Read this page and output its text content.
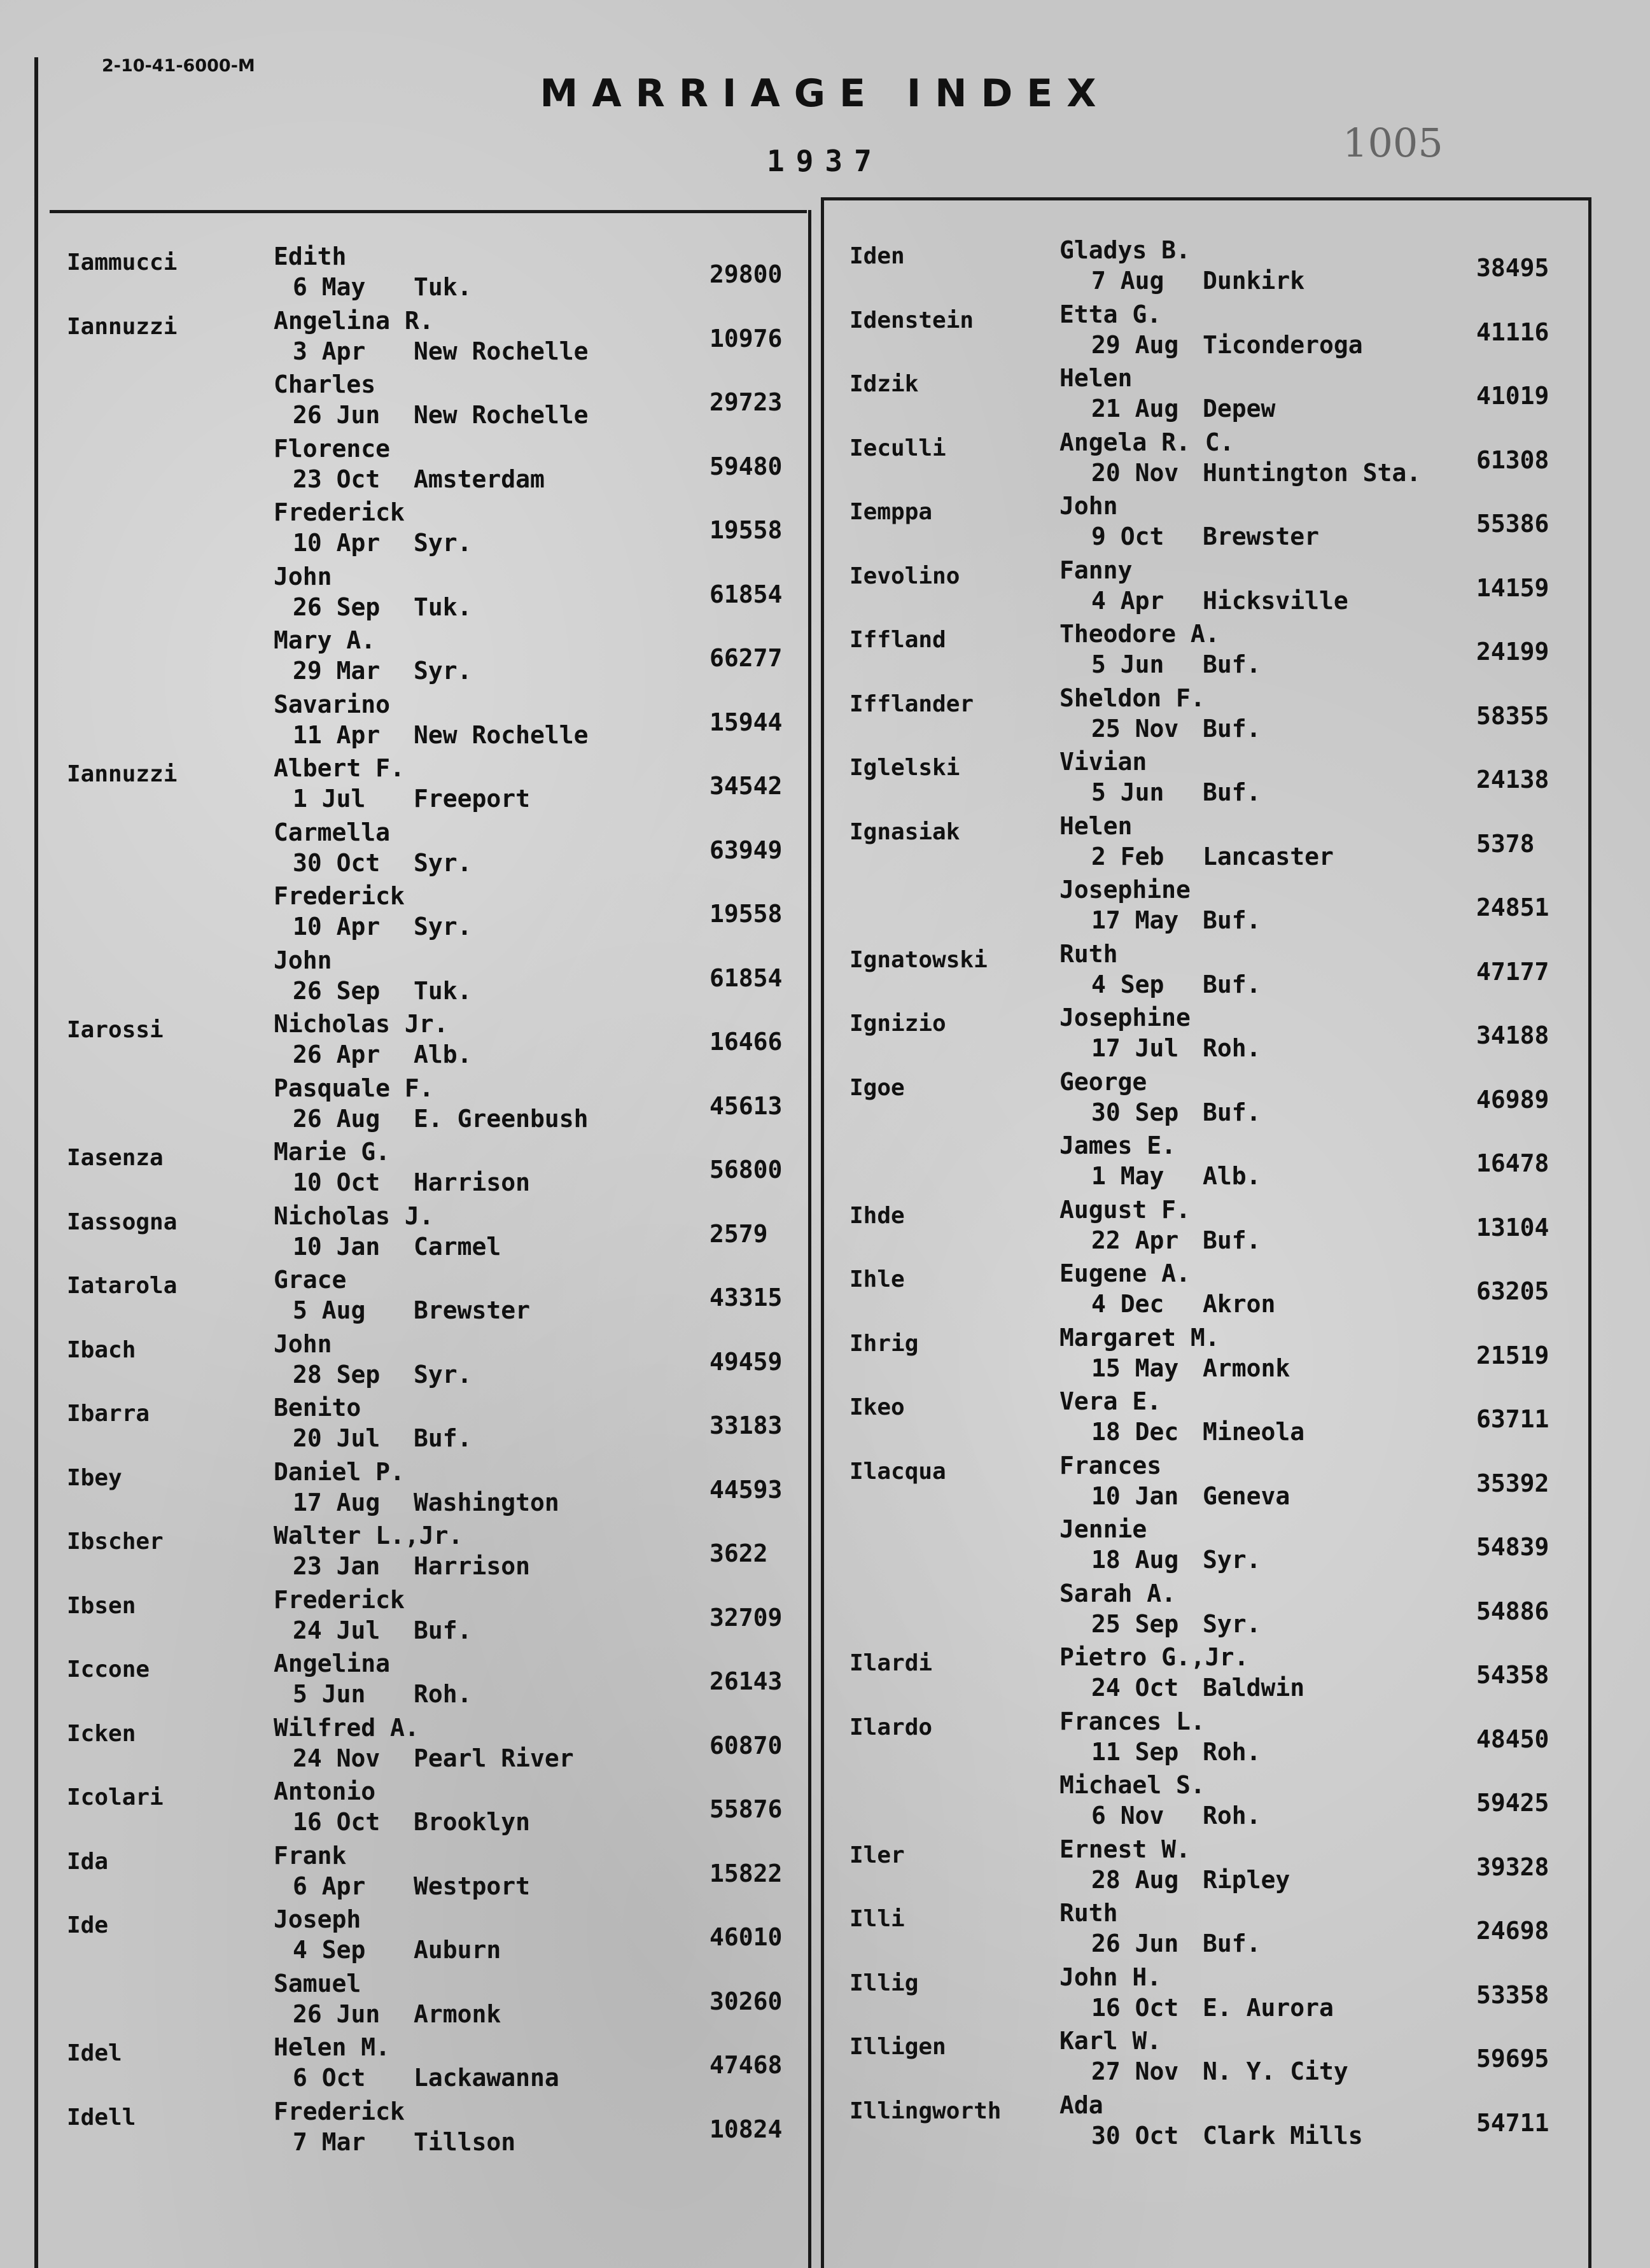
2-10-41-6000-M
MARRIAGE INDEX
1937	1005
Iammucci	Edith
6 May Tuk.	29800
Iannuzzi	Angelina R.
3 Apr New Rochelle	10976
Charles
26 Jun New Rochelle	29723
Florence
23 Oct Amsterdam	59480
Frederick
10 Apr Syr.	19558
John
26 Sep Tuk.	61854
Mary A.
29 Mar Syr.	66277
Savarino
11 Apr New Rochelle	15944
Iannuzzi	Albert F.
1 Jul Freeport	34542
Carmella
30 Oct Syr.	63949
Frederick
10 Apr Syr.	19558
John
26 Sep Tuk.	61854
Iarossi	Nicholas Jr.
26 Apr Alb.	16466
Pasquale F.
26 Aug E. Greenbush	45613
Iasenza	Marie G.
10 Oct Harrison	56800
Iassogna	Nicholas J.
10 Jan Carmel	2579
Iatarola	Grace
5 Aug Brewster	43315
Ibach	John
28 Sep Syr.	49459
Ibarra	Benito
20 Jul Buf.	33183
Ibey	Daniel P.
17 Aug Washington	44593
Ibscher	Walter L.,Jr.
23 Jan Harrison	3622
Ibsen	Frederick
24 Jul Buf.	32709
Iccone	Angelina
5 Jun Roh.	26143
Icken	Wilfred A.
24 Nov Pearl River	60870
Icolari	Antonio
16 Oct Brooklyn	55876
Ida	Frank
6 Apr Westport	15822
Ide	Joseph
4 Sep Auburn	46010
Samuel
26 Jun Armonk	30260
Idel	Helen M.
6 Oct Lackawanna	47468
Idell	Frederick
7 Mar Tillson	10824
Iden	Gladys B.
7 Aug Dunkirk	38495
Idenstein	Etta G.
29 Aug Ticonderoga	41116
Idzik	Helen
21 Aug Depew	41019
Ieculli	Angela R. C.
20 Nov Huntington Sta. 61308
Iemppa	John
9 Oct Brewster	55386
Ievolino	Fanny
4 Apr Hicksville	14159
Iffland	Theodore A.
5 Jun Buf.	24199
Ifflander	Sheldon F.
25 Nov Buf.	58355
Iglelski	Vivian
5 Jun Buf.	24138
Ignasiak	Helen
2 Feb Lancaster	5378
Josephine
17 May Buf.	24851
Ignatowski	Ruth
4 Sep Buf.	47177
Ignizio	Josephine
17 Jul Roh.	34188
Igoe	George
30 Sep Buf.	46989
James E.
1 May Alb.	16478
Ihde	August F.
22 Apr Buf.	13104
Ihle	Eugene A.
4 Dec Akron	63205
Ihrig	Margaret M.
15 May Armonk	21519
Ikeo	Vera E.
18 Dec Mineola	63711
Ilacqua	Frances
10 Jan Geneva	35392
Jennie
18 Aug Syr.	54839
Sarah A.
25 Sep Syr.	54886
Ilardi	Pietro G.,Jr.
24 Oct Baldwin	54358
Ilardo	Frances L.
11 Sep Roh.	48450
Michael S.
6 Nov Roh.	59425
Iler	Ernest W.
28 Aug Ripley	39328
Illi	Ruth
26 Jun Buf.	24698
Illig	John H.
16 Oct E. Aurora	53358
Illigen	Karl W.
27 Nov N. Y. City	59695
Illingworth Ada
30 Oct Clark Mills	54711
